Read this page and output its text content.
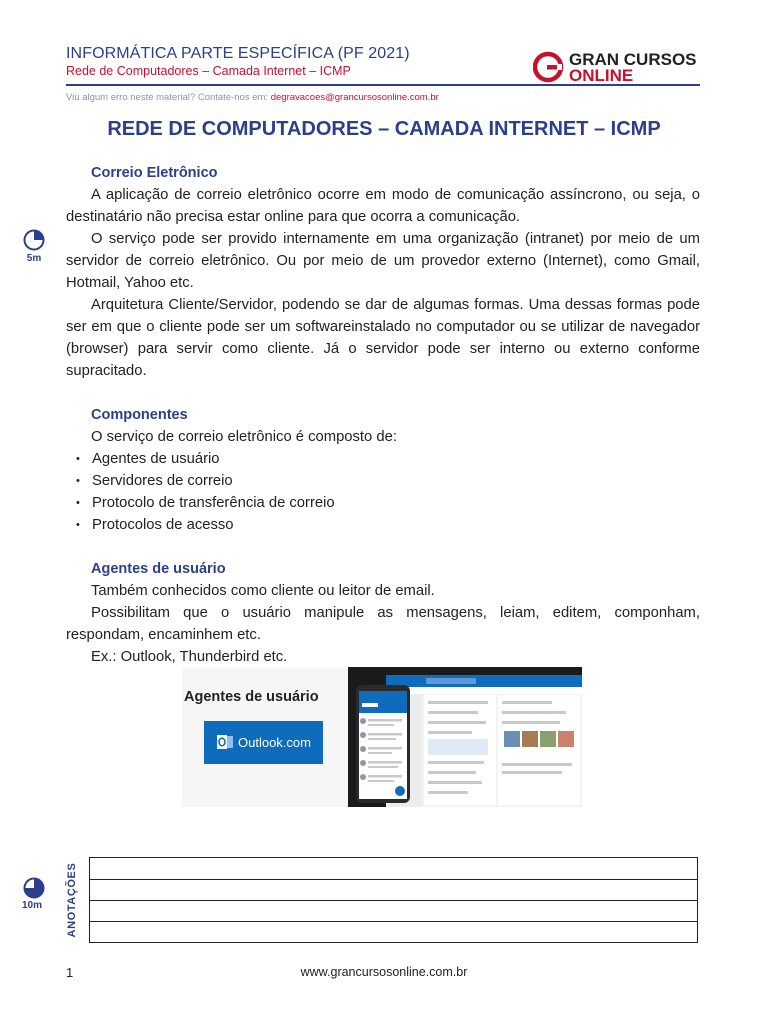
INFORMÁTICA PARTE ESPECÍFICA (PF 2021)
Rede de Computadores – Camada Internet – ICMP
Viu algum erro neste material? Contate-nos em: degravacoes@grancursosonline.com.br
GRAN CURSOS
ONLINE
REDE DE COMPUTADORES – CAMADA INTERNET – ICMP
5m
10m
Correio Eletrônico

A aplicação de correio eletrônico ocorre em modo de comunicação assíncrono, ou seja, o destinatário não precisa estar online para que ocorra a comunicação.

O serviço pode ser provido internamente em uma organização (intranet) por meio de um servidor de correio eletrônico. Ou por meio de um provedor externo (Internet), como Gmail, Hotmail, Yahoo etc.

Arquitetura Cliente/Servidor, podendo se dar de algumas formas. Uma dessas formas pode ser em que o cliente pode ser um softwareinstalado no computador ou se utilizar de navegador (browser) para servir como cliente. Já o servidor pode ser interno ou externo conforme supracitado.

Componentes

O serviço de correio eletrônico é composto de:

• Agentes de usuário
• Servidores de correio
• Protocolo de transferência de correio
• Protocolos de acesso
Agentes de usuário

Também conhecidos como cliente ou leitor de email.

Possibilitam que o usuário manipule as mensagens, leiam, editem, componham, respondam, encaminhem etc.

Ex.: Outlook, Thunderbird etc.

Agentes de usuário
Outlook.com
ANOTAÇÕES
www.grancursosonline.com.br
1
